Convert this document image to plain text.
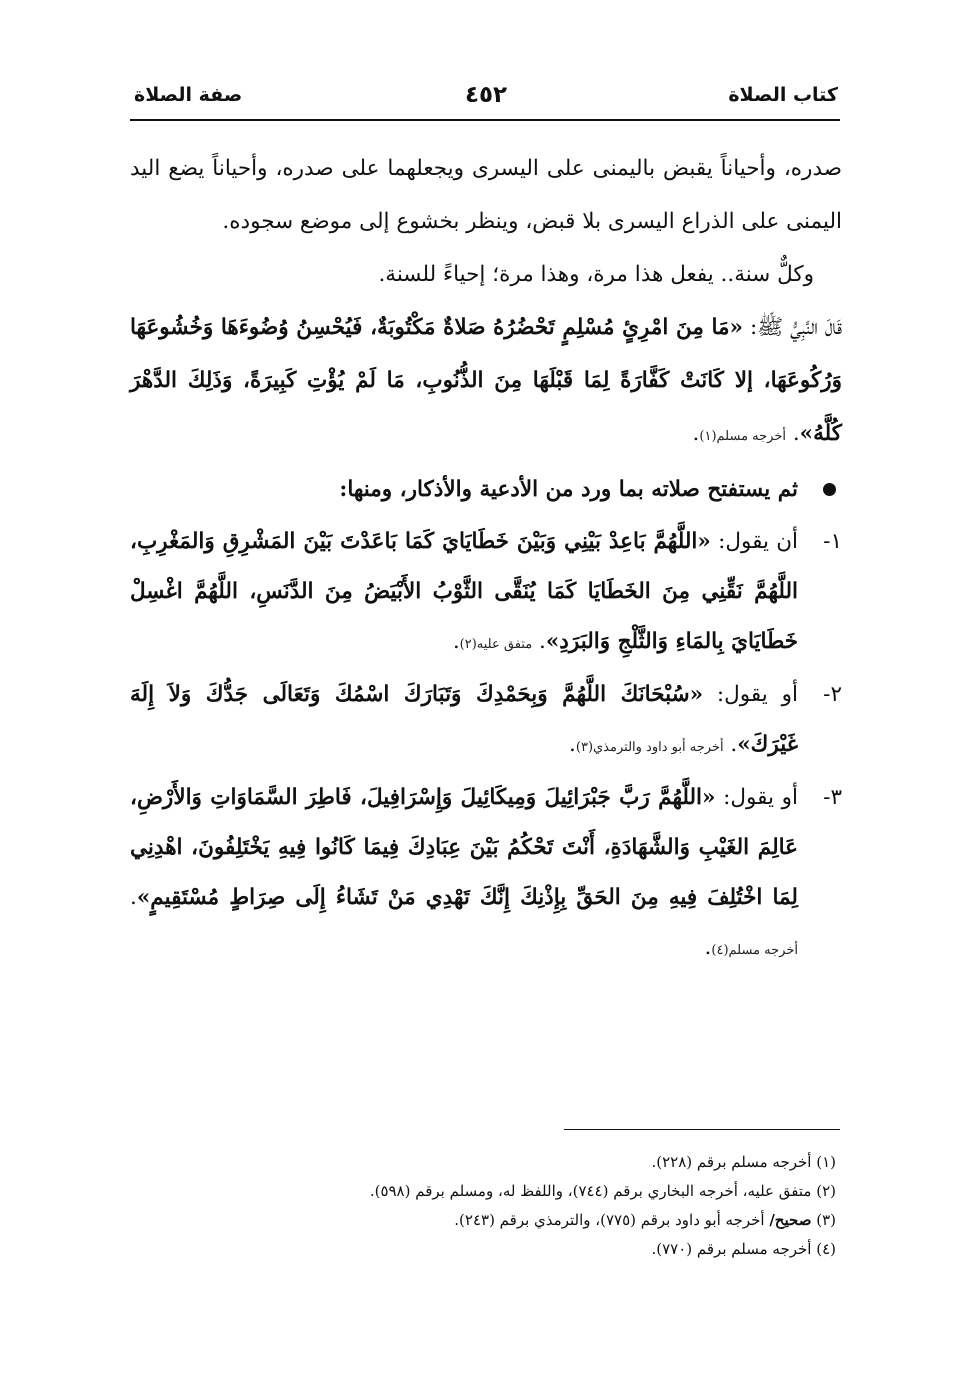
كتاب الصلاة
٤٥٢
صفة الصلاة

صدره، وأحياناً يقبض باليمنى على اليسرى ويجعلهما على صدره، وأحياناً يضع اليد اليمنى على الذراع اليسرى بلا قبض، وينظر بخشوع إلى موضع سجوده.

وكلٌّ سنة.. يفعل هذا مرة، وهذا مرة؛ إحياءً للسنة.

قَالَ النَّبِيُّ ﷺ: «مَا مِنَ امْرِئٍ مُسْلِمٍ تَحْضُرُهُ صَلاةٌ مَكْتُوبَةٌ، فَيُحْسِنُ وُضُوءَهَا وَخُشُوعَهَا وَرُكُوعَهَا، إلا كَانَتْ كَفَّارَةً لِمَا قَبْلَهَا مِنَ الذُّنُوبِ، مَا لَمْ يُؤْتِ كَبِيرَةً، وَذَلِكَ الدَّهْرَ كُلَّهُ». أخرجه مسلم(١).

ثم يستفتح صلاته بما ورد من الأدعية والأذكار، ومنها:

١-
أن يقول: «اللَّهُمَّ بَاعِدْ بَيْنِي وَبَيْنَ خَطَايَايَ كَمَا بَاعَدْتَ بَيْنَ المَشْرِقِ وَالمَغْرِبِ، اللَّهُمَّ نَقِّنِي مِنَ الخَطَايَا كَمَا يُنَقَّى الثَّوْبُ الأَبْيَضُ مِنَ الدَّنَسِ، اللَّهُمَّ اغْسِلْ خَطَايَايَ بِالمَاءِ وَالثَّلْجِ وَالبَرَدِ». متفق عليه(٢).

٢-
أو يقول: «سُبْحَانَكَ اللَّهُمَّ وَبِحَمْدِكَ وَتَبَارَكَ اسْمُكَ وَتَعَالَى جَدُّكَ وَلاَ إِلَهَ غَيْرَكَ». أخرجه أبو داود والترمذي(٣).

٣-
أو يقول: «اللَّهُمَّ رَبَّ جَبْرَائِيلَ وَمِيكَائِيلَ وَإِسْرَافِيلَ، فَاطِرَ السَّمَاوَاتِ وَالأَرْضِ، عَالِمَ الغَيْبِ وَالشَّهَادَةِ، أَنْتَ تَحْكُمُ بَيْنَ عِبَادِكَ فِيمَا كَانُوا فِيهِ يَخْتَلِفُونَ، اهْدِنِي لِمَا اخْتُلِفَ فِيهِ مِنَ الحَقِّ بِإِذْنِكَ إِنَّكَ تَهْدِي مَنْ تَشَاءُ إِلَى صِرَاطٍ مُسْتَقِيمٍ». أخرجه مسلم(٤).

(١) أخرجه مسلم برقم (٢٢٨).

(٢) متفق عليه، أخرجه البخاري برقم (٧٤٤)، واللفظ له، ومسلم برقم (٥٩٨).

(٣) صحيح/ أخرجه أبو داود برقم (٧٧٥)، والترمذي برقم (٢٤٣).

(٤) أخرجه مسلم برقم (٧٧٠).
